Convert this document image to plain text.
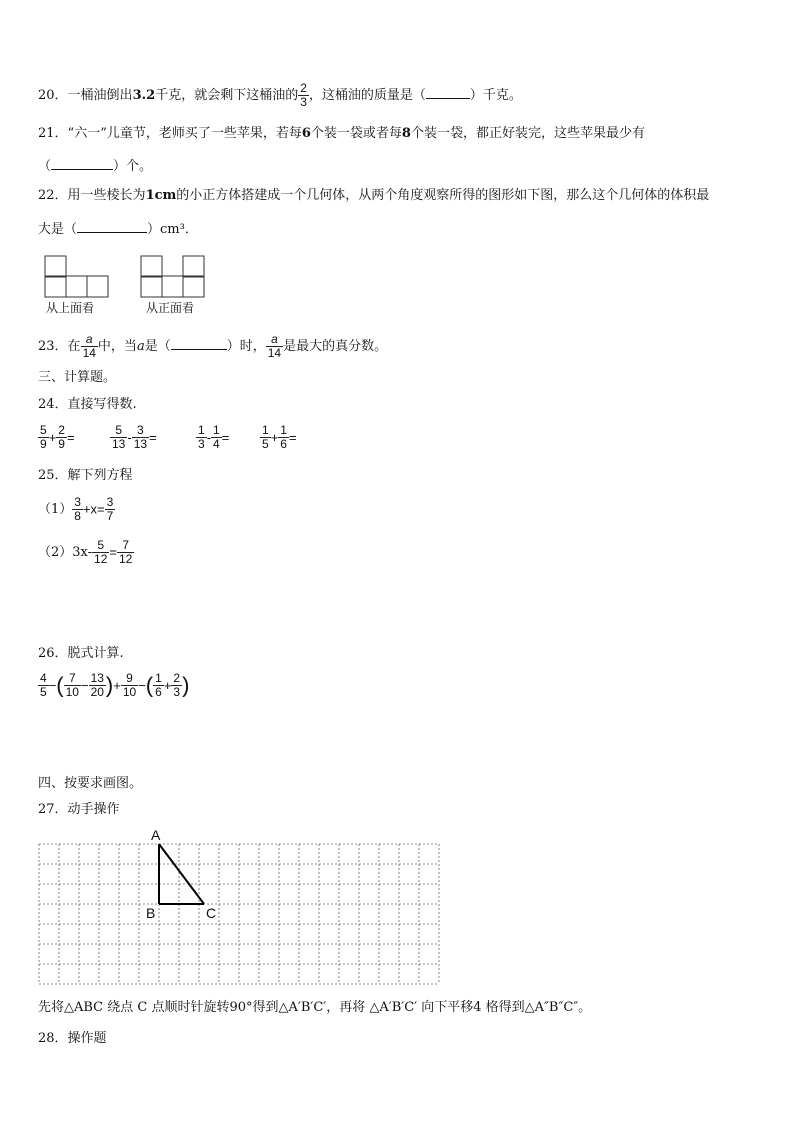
20．一桶油倒出3.2千克，就会剩下这桶油的 $\frac{2}{3}$ ，这桶油的质量是（	）千克。
21．“六一”儿童节，老师买了一些苹果，若每6个装一袋或者每8个装一袋，都正好装完，这些苹果最少有
（	）个。
22．用一些棱长为1cm的小正方体搭建成一个几何体，从两个角度观察所得的图形如下图，那么这个几何体的体积最
大是（	）cm³．
从上面看	从正面看
23．在 $\frac{a}{14}$ 中，当a是（	）时， $\frac{a}{14}$ 是最大的真分数。
三、计算题。
24．直接写得数.
$\frac{5}{9} + \frac{2}{9}$ =	$\frac{5}{13} - \frac{3}{13}$ =	$\frac{1}{3} - \frac{1}{4}$ =	$\frac{1}{5} + \frac{1}{6}$ =
25．解下列方程
$(1) \frac{3}{8} +x= \frac{3}{7}$
$(2)3x- \frac{5}{12} = \frac{7}{12}$
26．脱式计算.
$\frac{4}{5}$ −( $\frac{7}{10} - \frac{13}{20}$ )+ $\frac{9}{10}$ −( $\frac{1}{6} + \frac{2}{3}$ )
四、按要求画图。
27．动手操作
A
B	C
先将△ABC 绕点 C 点顺时针旋转90°得到△A′B′C′，再将 △A′B′C′ 向下平移4 格得到△A″B″C″。
28．操作题
